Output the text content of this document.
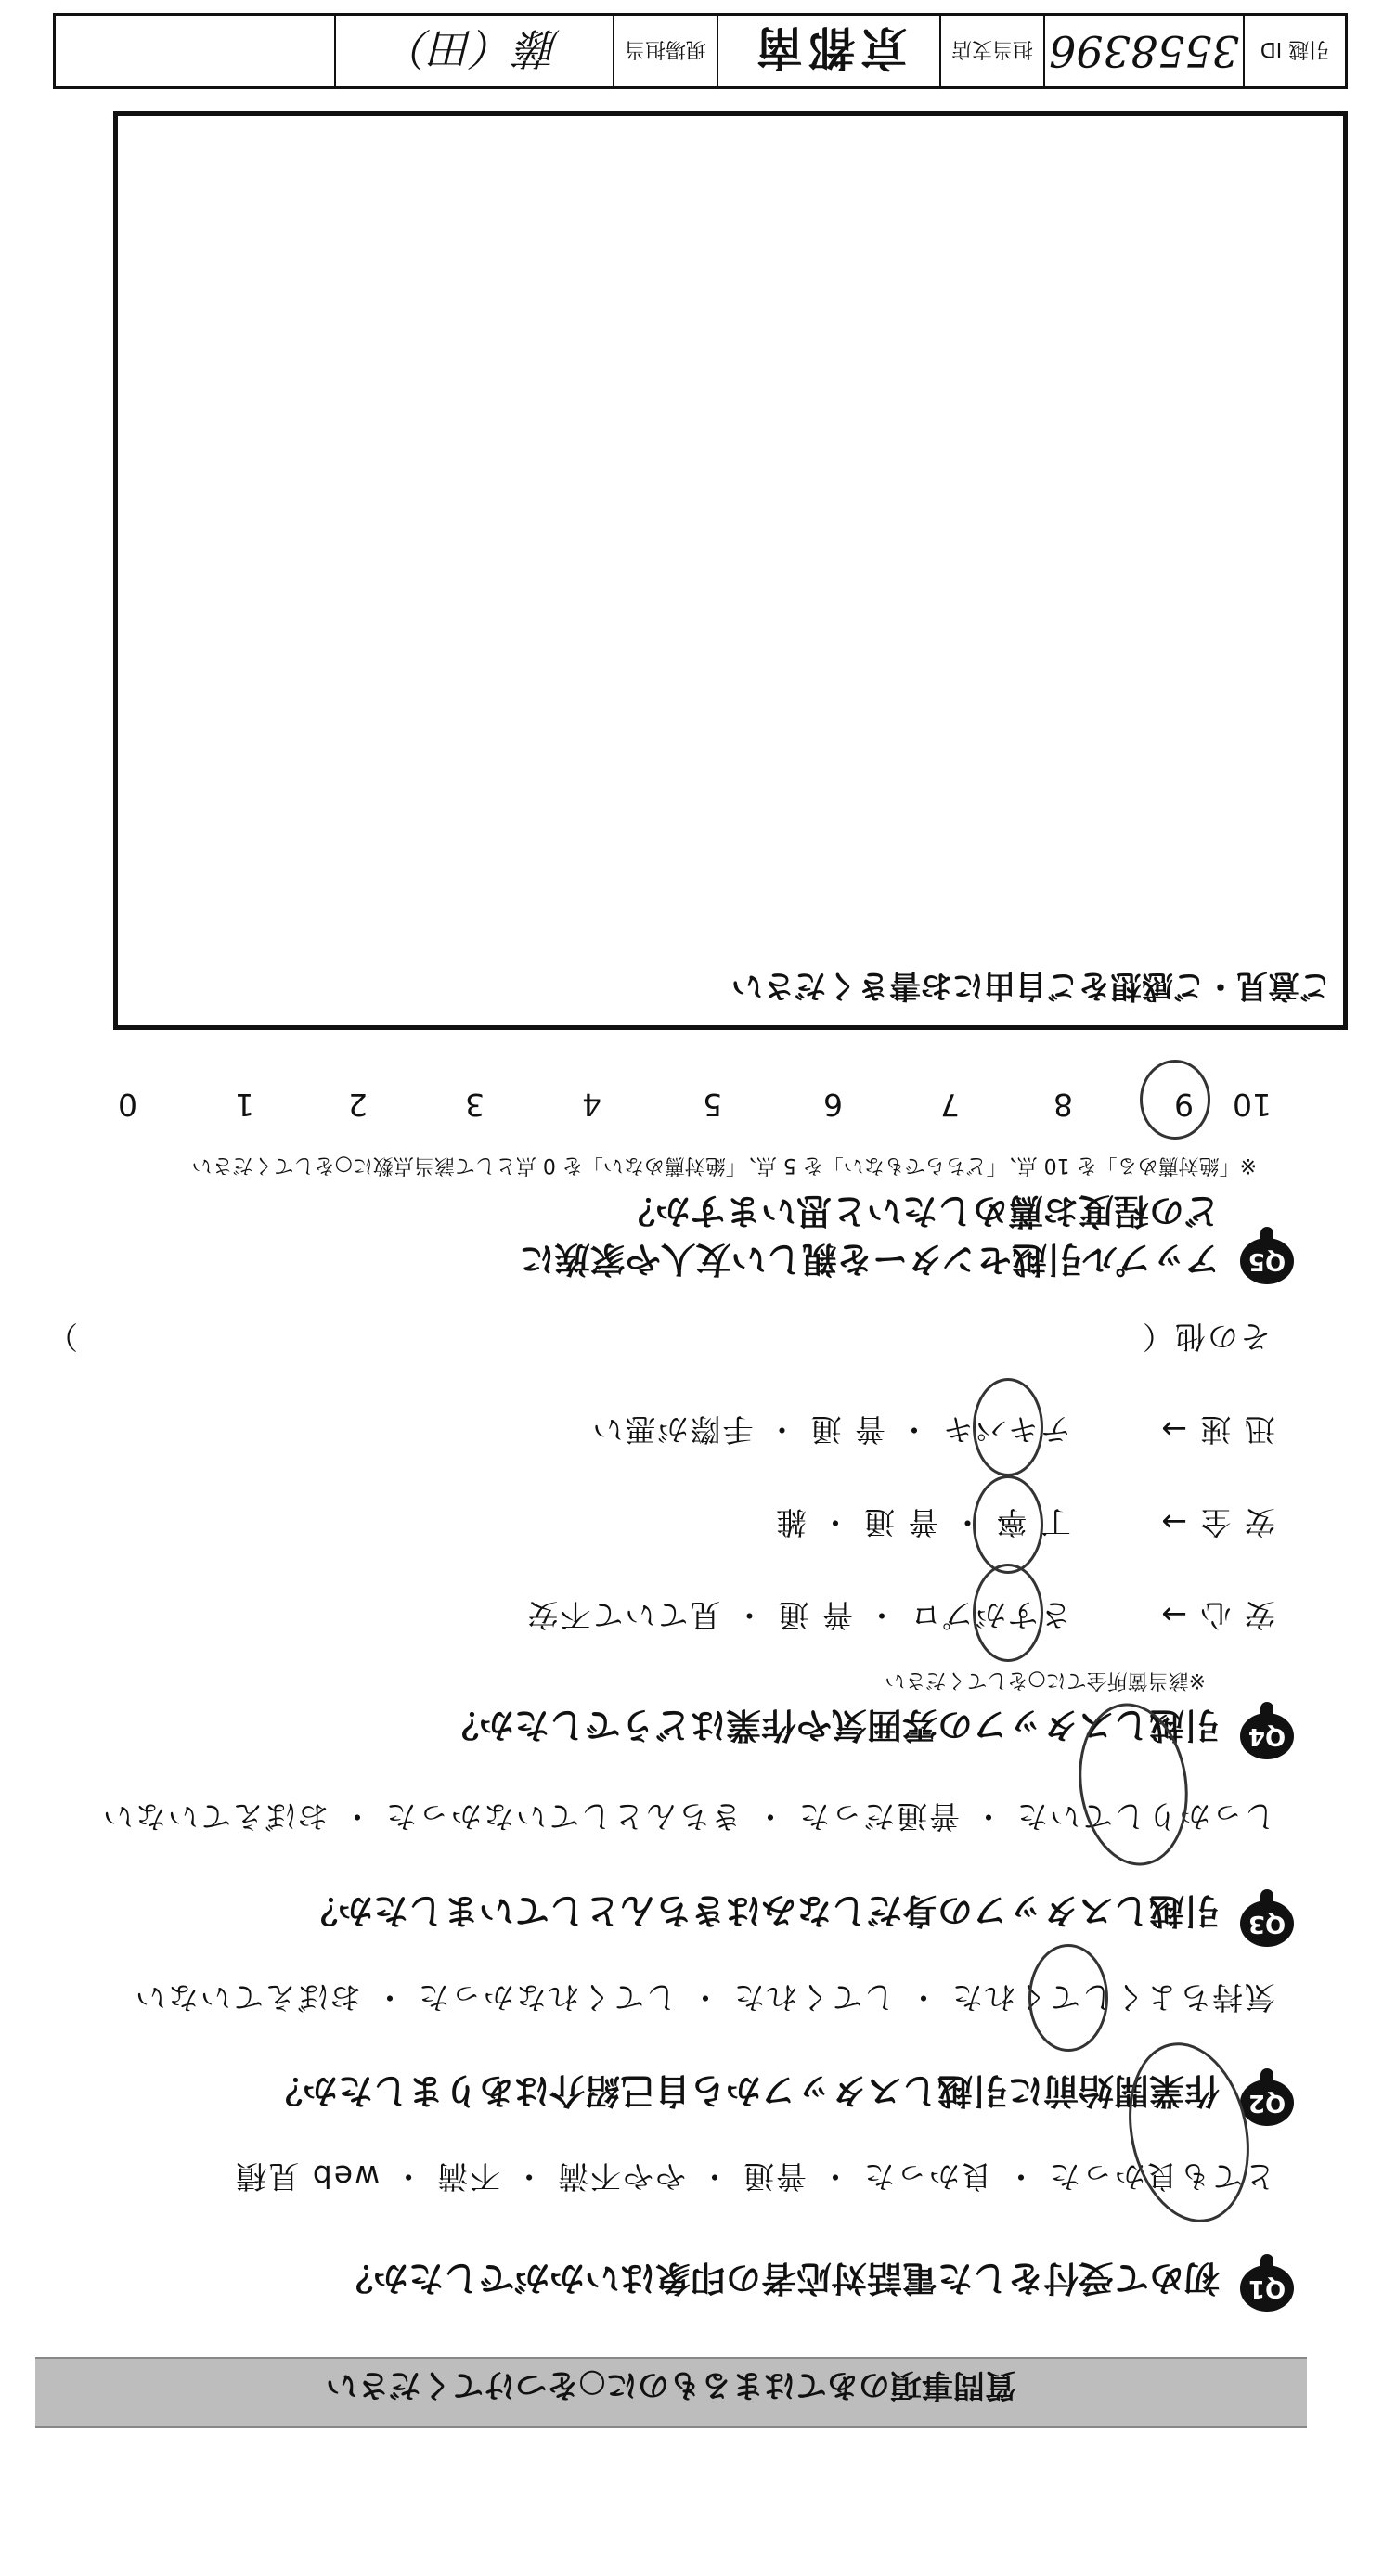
質問事項のあてはまるものに○をつけてください
Q1
初めて受付をした電話対応者の印象はいかがでしたか？
とても良かった ・ 良かった ・ 普通 ・ やや不満 ・ 不満 ・ web 見積
Q2
作業開始前に引越しスタッフから自己紹介はありましたか？
気持ちよくしてくれた ・ してくれた ・ してくれなかった ・ おぼえていない
Q3
引越しスタッフの身だしなみはきちんとしていましたか？
しっかりしていた ・ 普通だった ・ きちんとしていなかった ・ おぼえていない
Q4
引越しスタッフの雰囲気や作業はどうでしたか？
※該当箇所全てに○をしてください
安 心 →
さすがプロ ・ 普 通 ・ 見ていて不安
安 全 →
丁 寧 ・ 普 通 ・ 雑
迅 速 →
テキパキ ・ 普 通 ・ 手際が悪い
その他（
）
Q5
アップル引越センターを親しい友人や家族に
どの程度お薦めしたいと思いますか？
※「絶対薦める」を 10 点、「どちらでもない」を 5 点、「絶対薦めない」を 0 点として該当点数に○をしてください
10
9
8
7
6
5
4
3
2
1
0
ご意見・ご感想をご自由にお書きください
引越 ID
3558396
担当支店
京都南
現場担当
藤（田）
